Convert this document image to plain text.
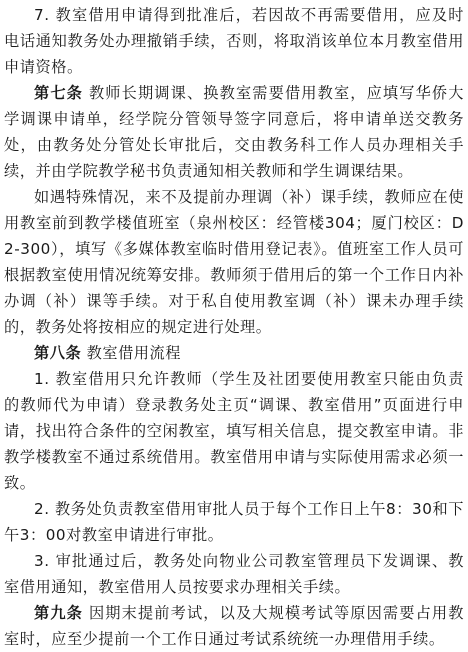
7. 教室借用申请得到批准后，若因故不再需要借用，应及时电话通知教务处办理撤销手续，否则，将取消该单位本月教室借用申请资格。

第七条 教师长期调课、换教室需要借用教室，应填写华侨大学调课申请单，经学院分管领导签字同意后，将申请单送交教务处，由教务处分管处长审批后，交由教务科工作人员办理相关手续，并由学院教学秘书负责通知相关教师和学生调课结果。

如遇特殊情况，来不及提前办理调（补）课手续，教师应在使用教室前到教学楼值班室（泉州校区：经管楼304；厦门校区：D2-300），填写《多媒体教室临时借用登记表》。值班室工作人员可根据教室使用情况统筹安排。教师须于借用后的第一个工作日内补办调（补）课等手续。对于私自使用教室调（补）课未办理手续的，教务处将按相应的规定进行处理。

第八条 教室借用流程

1. 教室借用只允许教师（学生及社团要使用教室只能由负责的教师代为申请）登录教务处主页“调课、教室借用”页面进行申请，找出符合条件的空闲教室，填写相关信息，提交教室申请。非教学楼教室不通过系统借用。教室借用申请与实际使用需求必须一致。

2. 教务处负责教室借用审批人员于每个工作日上午8：30和下午3：00对教室申请进行审批。

3. 审批通过后，教务处向物业公司教室管理员下发调课、教室借用通知，教室借用人员按要求办理相关手续。

第九条 因期末提前考试，以及大规模考试等原因需要占用教室时，应至少提前一个工作日通过考试系统统一办理借用手续。
